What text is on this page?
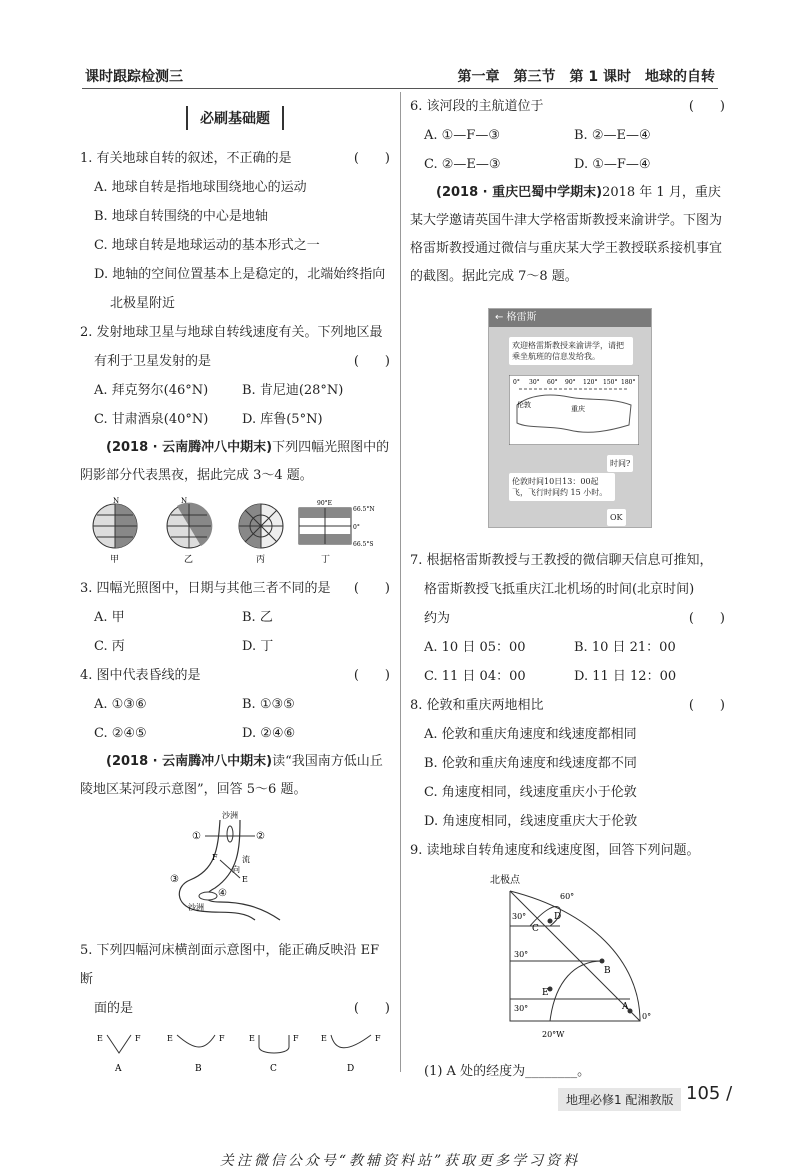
课时跟踪检测三	第一章　第三节　第 1 课时　地球的自转
必刷基础题
1. 有关地球自转的叙述，不正确的是	(　　)
A. 地球自转是指地球围绕地心的运动
B. 地球自转围绕的中心是地轴
C. 地球自转是地球运动的基本形式之一
D. 地轴的空间位置基本上是稳定的，北端始终指向
北极星附近
2. 发射地球卫星与地球自转线速度有关。下列地区最
有利于卫星发射的是	(　　)
A. 拜克努尔(46°N)	B. 肯尼迪(28°N)
C. 甘肃酒泉(40°N)	D. 库鲁(5°N)
(2018 · 云南腾冲八中期末)下列四幅光照图中的阴影部分代表黑夜，据此完成 3～4 题。
N
甲
N
乙	丙
90°E
66.5°N
0°
66.5°S
丁
3. 四幅光照图中，日期与其他三者不同的是	(　　)
A. 甲	B. 乙
C. 丙	D. 丁
4. 图中代表昏线的是	(　　)
A. ①③⑥	B. ①③⑤
C. ②④⑤	D. ②④⑥
(2018 · 云南腾冲八中期末)读“我国南方低山丘陵地区某河段示意图”，回答 5～6 题。
沙洲
①	②
③
④
F
E
流
向
沙洲
5. 下列四幅河床横剖面示意图中，能正确反映沿 EF 断
面的是	(　　)
E	F
A
E	F
B
E	F
C
E	F
D
6. 该河段的主航道位于	(　　)
A. ①—F—③	B. ②—E—④
C. ②—E—③	D. ①—F—④
(2018 · 重庆巴蜀中学期末)2018 年 1 月，重庆某大学邀请英国牛津大学格雷斯教授来渝讲学。下图为格雷斯教授通过微信与重庆某大学王教授联系接机事宜的截图。据此完成 7～8 题。
← 格雷斯
欢迎格雷斯教授来渝讲学，请把乘坐航班的信息发给我。
0° 30° 60° 90° 120° 150° 180°
伦敦	重庆
时间?
伦敦时间10日13：00起飞，飞行时间约 15 小时。
OK
7. 根据格雷斯教授与王教授的微信聊天信息可推知，
格雷斯教授飞抵重庆江北机场的时间(北京时间)
约为	(　　)
A. 10 日 05：00	B. 10 日 21：00
C. 11 日 04：00	D. 11 日 12：00
8. 伦敦和重庆两地相比	(　　)
A. 伦敦和重庆角速度和线速度都相同
B. 伦敦和重庆角速度和线速度都不同
C. 角速度相同，线速度重庆小于伦敦
D. 角速度相同，线速度重庆大于伦敦
9. 读地球自转角速度和线速度图，回答下列问题。
北极点
60°
30°
C
D
30°
B
E
30°	A
0°
20°W
(1) A 处的经度为________。
地理必修1 配湘教版 105 /
关注微信公众号“教辅资料站”获取更多学习资料
